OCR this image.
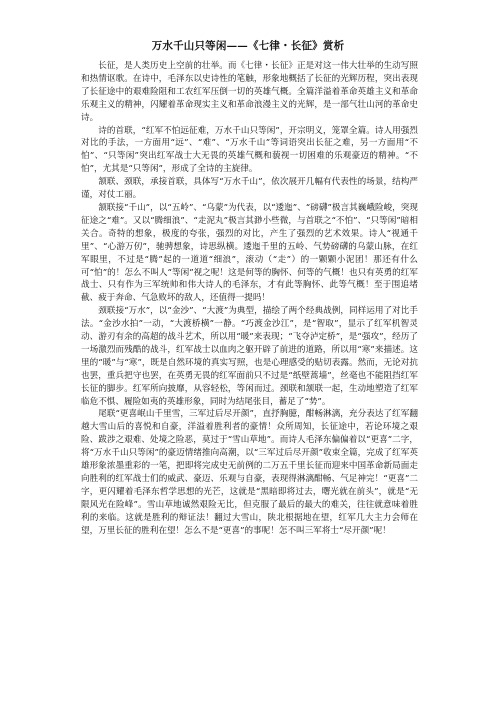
万水千山只等闲——《七律・长征》赏析

长征，是人类历史上空前的壮举。而《七律・长征》正是对这一伟大壮举的生动写照和热情讴歌。在诗中，毛泽东以史诗性的笔触，形象地概括了长征的光辉历程，突出表现了长征途中的艰难险阻和工农红军压倒一切的英雄气概。全篇洋溢着革命英雄主义和革命乐观主义的精神，闪耀着革命现实主义和革命浪漫主义的光辉，是一部气壮山河的革命史诗。

诗的首联，“红军不怕远征难，万水千山只等闲”，开宗明义，笼罩全篇。诗人用强烈对比的手法，一方面用“远”、“难”、“万水千山”等词语突出长征之难，另一方面用“不怕”、“只等闲”突出红军战士大无畏的英雄气概和藐视一切困难的乐观豪迈的精神。“不怕”，尤其是“只等闲”，形成了全诗的主旋律。

颔联、颈联，承接首联，具体写“万水千山”，依次展开几幅有代表性的场景，结构严谨，对仗工丽。

颔联接“千山”，以“五岭”、“乌蒙”为代表，以“逶迤”、“磅礴”极言其巍峨险峻，突现征途之“难”。又以“腾细浪”、“走泥丸”极言其渺小些微，与首联之“不怕”、“只等闲”暗相关合。奇特的想象，极度的夸张，强烈的对比，产生了强烈的艺术效果。诗人“视通千里”、“心游万仞”，驰骋想象，诗思纵横。逶迤千里的五岭、气势磅礴的乌蒙山脉，在红军眼里，不过是“腾”起的一道道“细浪”，滚动（“走”）的一颗颗小泥团！那还有什么可“怕”的！怎么不叫人“等闲”视之呢！这是何等的胸怀、何等的气概！也只有英勇的红军战士、只有作为三军统帅和伟大诗人的毛泽东，才有此等胸怀、此等气概！至于围追堵截、疲于奔命、气急败坏的敌人，还值得一提吗！

颈联接“万水”，以“金沙”、“大渡”为典型，描绘了两个经典战例，同样运用了对比手法。“金沙水拍”一动，“大渡桥横”一静。“巧渡金沙江”，是“智取”，显示了红军机智灵动、游刃有余的高超的战斗艺术，所以用“暖”来表现；“飞夺泸定桥”，是“强攻”，经历了一场激烈而残酷的战斗，红军战士以血肉之躯开辟了前进的道路，所以用“寒”来描述。这里的“暖”与“寒”，既是自然环境的真实写照，也是心理感受的贴切表露。然而，无论对抗也罢，重兵把守也罢，在英勇无畏的红军面前只不过是“纸壁蒿墙”，丝毫也不能阻挡红军长征的脚步。红军所向披靡，从容轻松，等闲而过。颈联和颔联一起，生动地塑造了红军临危不惧、履险如夷的英雄形象，同时为结尾张目，蓄足了“势”。

尾联“更喜岷山千里雪，三军过后尽开颜”，直抒胸臆，酣畅淋漓，充分表达了红军翻越大雪山后的喜悦和自豪，洋溢着胜利者的豪情！众所周知，长征途中，若论环境之艰险、跋涉之艰难、处境之险恶，莫过于“雪山草地”。而诗人毛泽东偏偏着以“更喜”二字，将“万水千山只等闲”的豪迈情绪推向高潮，以“三军过后尽开颜”收束全篇，完成了红军英雄形象浓墨重彩的一笔，把即将完成史无前例的二万五千里长征而迎来中国革命新局面走向胜利的红军战士们的威武、豪迈、乐观与自豪，表现得淋漓酣畅、气足神完！“更喜”二字，更闪耀着毛泽东哲学思想的光芒，这就是“黑暗即将过去，曙光就在前头”，就是“无限风光在险峰”。雪山草地诚然艰险无比，但克服了最后的最大的难关，往往就意味着胜利的来临。这就是胜利的辩证法！翻过大雪山，陕北根据地在望，红军几大主力会师在望，万里长征的胜利在望！怎么不是“更喜”的事呢！怎不叫三军将士“尽开颜”呢！
